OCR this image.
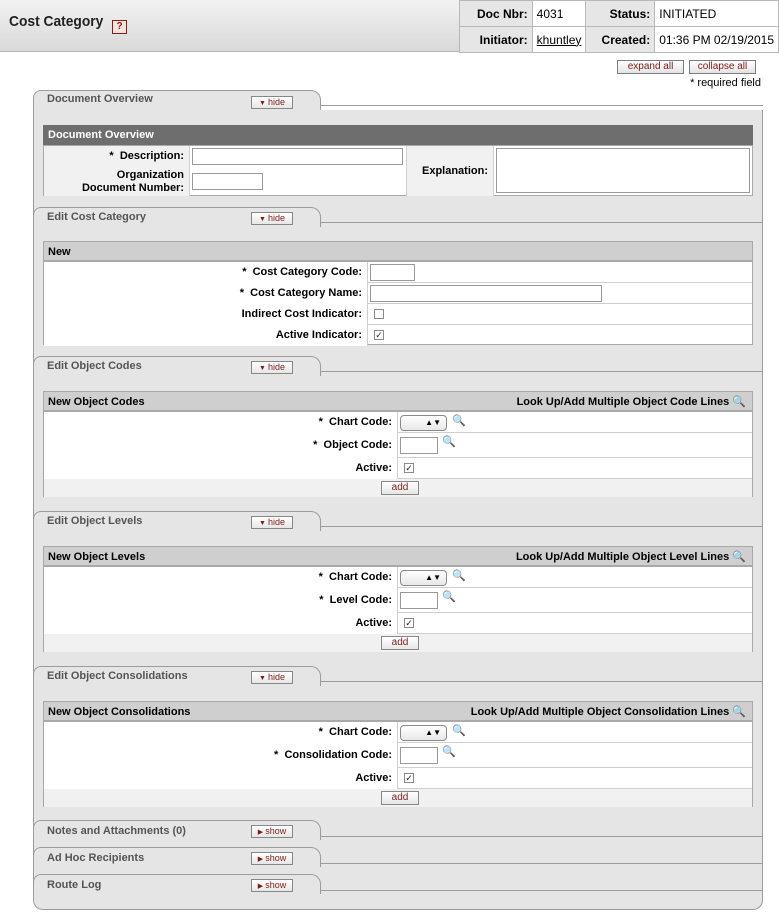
Cost Category	?
Doc Nbr:	4031	Status:	INITIATED
Initiator:	khuntley	Created:	01:36 PM 02/19/2015
expand all	collapse all
* required field
Document Overview	▼ hide
Document Overview
*  Description:
Organization
Document Number:
Explanation:
Edit Cost Category	▼ hide
New
*  Cost Category Code:
*  Cost Category Name:
Indirect Cost Indicator:
Active Indicator:	✓
Edit Object Codes	▼ hide
New Object Codes	Look Up/Add Multiple Object Code Lines 🔍
*  Chart Code:	▲▼	🔍
*  Object Code:	🔍
Active:	✓
add
Edit Object Levels	▼ hide
New Object Levels	Look Up/Add Multiple Object Level Lines 🔍
*  Chart Code:	▲▼	🔍
*  Level Code:	🔍
Active:	✓
add
Edit Object Consolidations	▼ hide
New Object Consolidations	Look Up/Add Multiple Object Consolidation Lines 🔍
*  Chart Code:	▲▼	🔍
*  Consolidation Code:	🔍
Active:	✓
add
Notes and Attachments (0)	▶ show
Ad Hoc Recipients	▶ show
Route Log	▶ show
